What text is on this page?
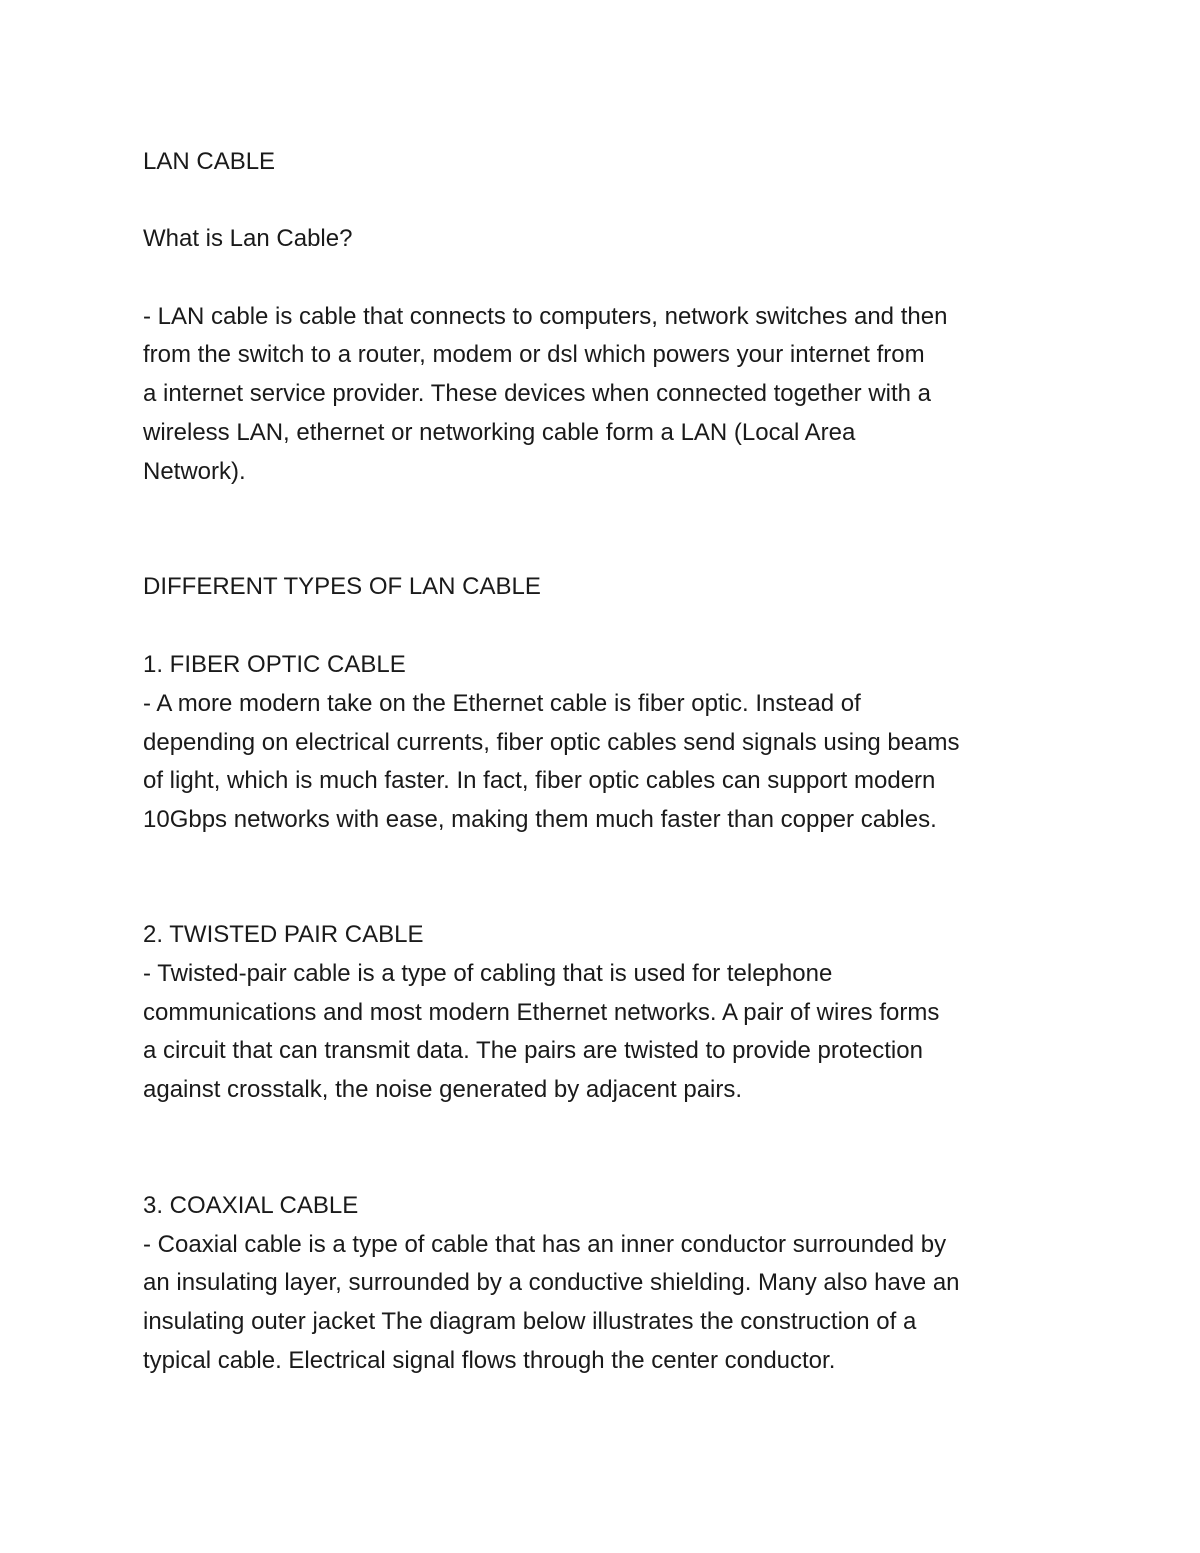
LAN CABLE

What is Lan Cable?

- LAN cable is cable that connects to computers, network switches and then

from the switch to a router, modem or dsl which powers your internet from

a internet service provider. These devices when connected together with a

wireless LAN, ethernet or networking cable form a LAN (Local Area

Network).

DIFFERENT TYPES OF LAN CABLE

1. FIBER OPTIC CABLE

- A more modern take on the Ethernet cable is fiber optic. Instead of

depending on electrical currents, fiber optic cables send signals using beams

of light, which is much faster. In fact, fiber optic cables can support modern

10Gbps networks with ease, making them much faster than copper cables.

2. TWISTED PAIR CABLE

- Twisted-pair cable is a type of cabling that is used for telephone

communications and most modern Ethernet networks. A pair of wires forms

a circuit that can transmit data. The pairs are twisted to provide protection

against crosstalk, the noise generated by adjacent pairs.

3. COAXIAL CABLE

- Coaxial cable is a type of cable that has an inner conductor surrounded by

an insulating layer, surrounded by a conductive shielding. Many also have an

insulating outer jacket The diagram below illustrates the construction of a

typical cable. Electrical signal flows through the center conductor.
